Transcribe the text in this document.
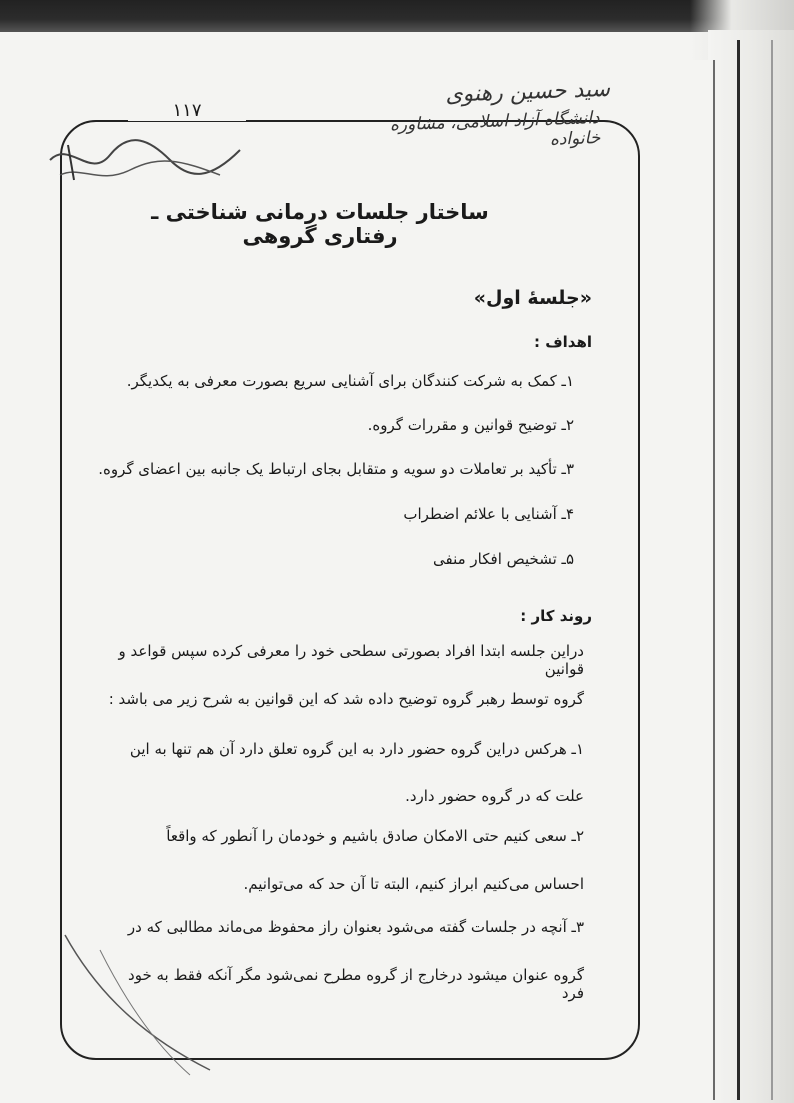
۱۱۷
سید حسین رهنوی
دانشگاه آزاد اسلامی، مشاوره خانواده
ساختار جلسات درمانی شناختی ـ رفتاری گروهی
«جلسهٔ اول»
اهداف :
۱ـ کمک به شرکت کنندگان برای آشنایی سریع بصورت معرفی به یکدیگر.
۲ـ توضیح قوانین و مقررات گروه.
۳ـ تأکید بر تعاملات دو سویه و متقابل بجای ارتباط یک جانبه بین اعضای گروه.
۴ـ آشنایی با علائم اضطراب
۵ـ تشخیص افکار منفی
روند کار :
دراین جلسه ابتدا افراد بصورتی سطحی خود را معرفی کرده سپس قواعد و قوانین
گروه توسط رهبر گروه توضیح داده شد که این قوانین به شرح زیر می باشد :
۱ـ هرکس دراین گروه حضور دارد به این گروه تعلق دارد آن هم تنها به این
علت که در گروه حضور دارد.
۲ـ سعی کنیم حتی الامکان صادق باشیم و خودمان را آنطور که واقعاً
احساس می‌کنیم ابراز کنیم، البته تا آن حد که می‌توانیم.
۳ـ آنچه در جلسات گفته می‌شود بعنوان راز محفوظ می‌ماند مطالبی که در
گروه عنوان میشود درخارج از گروه مطرح نمی‌شود مگر آنکه فقط به خود فرد
